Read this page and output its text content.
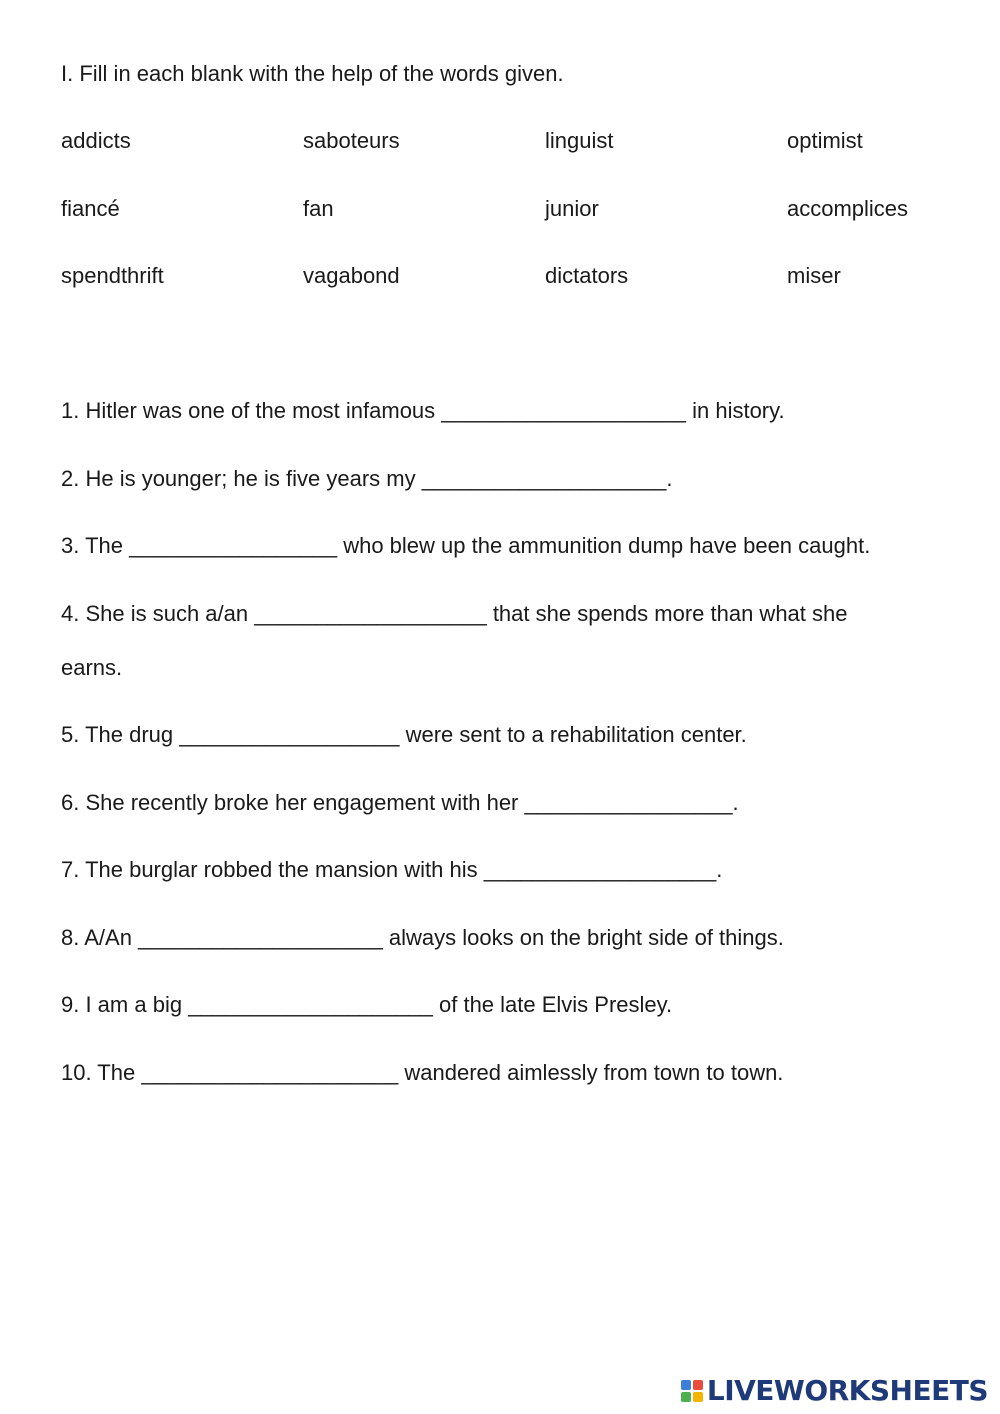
I. Fill in each blank with the help of the words given.
addicts	saboteurs	linguist	optimist
fiancé	fan	junior	accomplices
spendthrift	vagabond	dictators	miser
1. Hitler was one of the most infamous ____________________ in history.
2. He is younger; he is five years my ____________________.
3. The _________________ who blew up the ammunition dump have been caught.
4. She is such a/an ___________________ that she spends more than what she earns.
5. The drug __________________ were sent to a rehabilitation center.
6. She recently broke her engagement with her _________________.
7. The burglar robbed the mansion with his ___________________.
8. A/An ____________________ always looks on the bright side of things.
9. I am a big ____________________ of the late Elvis Presley.
10. The _____________________ wandered aimlessly from town to town.
LIVEWORKSHEETS
